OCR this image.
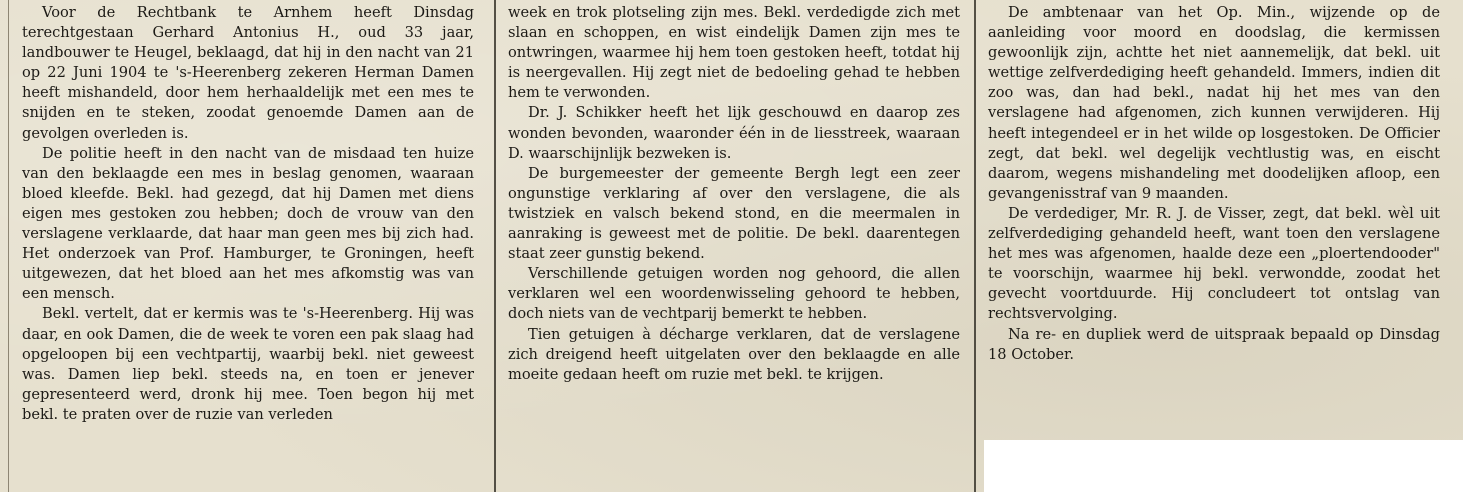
Voor de Rechtbank te Arnhem heeft Dinsdag terechtgestaan Gerhard Antonius H., oud 33 jaar, landbouwer te Heugel, beklaagd, dat hij in den nacht van 21 op 22 Juni 1904 te 's-Heerenberg zekeren Herman Damen heeft mishandeld, door hem herhaaldelijk met een mes te snijden en te steken, zoodat genoemde Damen aan de gevolgen overleden is.

De politie heeft in den nacht van de misdaad ten huize van den beklaagde een mes in beslag genomen, waaraan bloed kleefde. Bekl. had gezegd, dat hij Damen met diens eigen mes gestoken zou hebben; doch de vrouw van den verslagene verklaarde, dat haar man geen mes bij zich had. Het onderzoek van Prof. Hamburger, te Groningen, heeft uitgewezen, dat het bloed aan het mes afkomstig was van een mensch.

Bekl. vertelt, dat er kermis was te 's-Heerenberg. Hij was daar, en ook Damen, die de week te voren een pak slaag had opgeloopen bij een vechtpartij, waarbij bekl. niet geweest was. Damen liep bekl. steeds na, en toen er jenever gepresenteerd werd, dronk hij mee. Toen begon hij met bekl. te praten over de ruzie van verleden

week en trok plotseling zijn mes. Bekl. verdedigde zich met slaan en schoppen, en wist eindelijk Damen zijn mes te ontwringen, waarmee hij hem toen gestoken heeft, totdat hij is neergevallen. Hij zegt niet de bedoeling gehad te hebben hem te verwonden.

Dr. J. Schikker heeft het lijk geschouwd en daarop zes wonden bevonden, waaronder één in de liesstreek, waaraan D. waarschijnlijk bezweken is.

De burgemeester der gemeente Bergh legt een zeer ongunstige verklaring af over den verslagene, die als twistziek en valsch bekend stond, en die meermalen in aanraking is geweest met de politie. De bekl. daarentegen staat zeer gunstig bekend.

Verschillende getuigen worden nog gehoord, die allen verklaren wel een woordenwisseling gehoord te hebben, doch niets van de vechtparij bemerkt te hebben.

Tien getuigen à décharge verklaren, dat de verslagene zich dreigend heeft uitgelaten over den beklaagde en alle moeite gedaan heeft om ruzie met bekl. te krijgen.

De ambtenaar van het Op. Min., wijzende op de aanleiding voor moord en doodslag, die kermissen gewoonlijk zijn, achtte het niet aannemelijk, dat bekl. uit wettige zelfverdediging heeft gehandeld. Immers, indien dit zoo was, dan had bekl., nadat hij het mes van den verslagene had afgenomen, zich kunnen verwijderen. Hij heeft integendeel er in het wilde op losgestoken. De Officier zegt, dat bekl. wel degelijk vechtlustig was, en eischt daarom, wegens mishandeling met doodelijken afloop, een gevangenisstraf van 9 maanden.

De verdediger, Mr. R. J. de Visser, zegt, dat bekl. wèl uit zelfverdediging gehandeld heeft, want toen den verslagene het mes was afgenomen, haalde deze een „ploertendooder" te voorschijn, waarmee hij bekl. verwondde, zoodat het gevecht voortduurde. Hij concludeert tot ontslag van rechtsvervolging.

Na re- en dupliek werd de uitspraak bepaald op Dinsdag 18 October.
